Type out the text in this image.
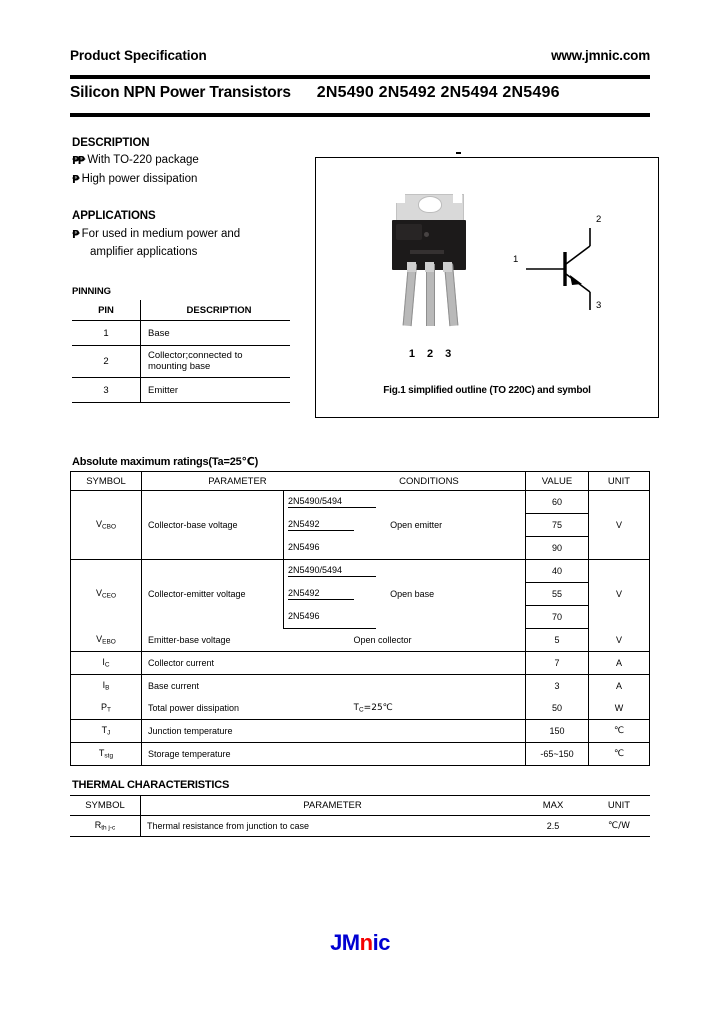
Product Specification	www.jmnic.com
Silicon NPN Power Transistors 2N5490 2N5492 2N5494 2N5496
DESCRIPTION
₱₱ With TO-220 package
₱ High power dissipation
APPLICATIONS
₱ For used in medium power and
amplifier applications
PINNING
PIN	DESCRIPTION
1	Base
2	Collector;connected to
mounting base

3	Emitter
1 2 3
1
2
3
Fig.1 simplified outline (TO 220C) and symbol
Absolute maximum ratings(Ta=25℃)
SYMBOL	PARAMETER CONDITIONS			VALUE	UNIT
$V_{CBO}$	Collector-base voltage	2N5490/5494	Open emitter	60	V
		2N5492		75	
		2N5496		90	
$V_{CEO}$	Collector-emitter voltage	2N5490/5494	Open base	40	V
		2N5492		55	
		2N5496		70	
$V_{EBO}$	Emitter-base voltage	Open collector		5	V
$I_C$	Collector current			7	A
$I_B$	Base current			3	A
$P_T$	Total power dissipation	$T_C=25℃$		50	W
$T_J$	Junction temperature			150	℃
$T_{stg}$	Storage temperature			-65~150	℃
THERMAL CHARACTERISTICS
SYMBOL	PARAMETER	MAX	UNIT
$R_{th j-c}$	Thermal resistance from junction to case	2.5	℃/W
JMnic
